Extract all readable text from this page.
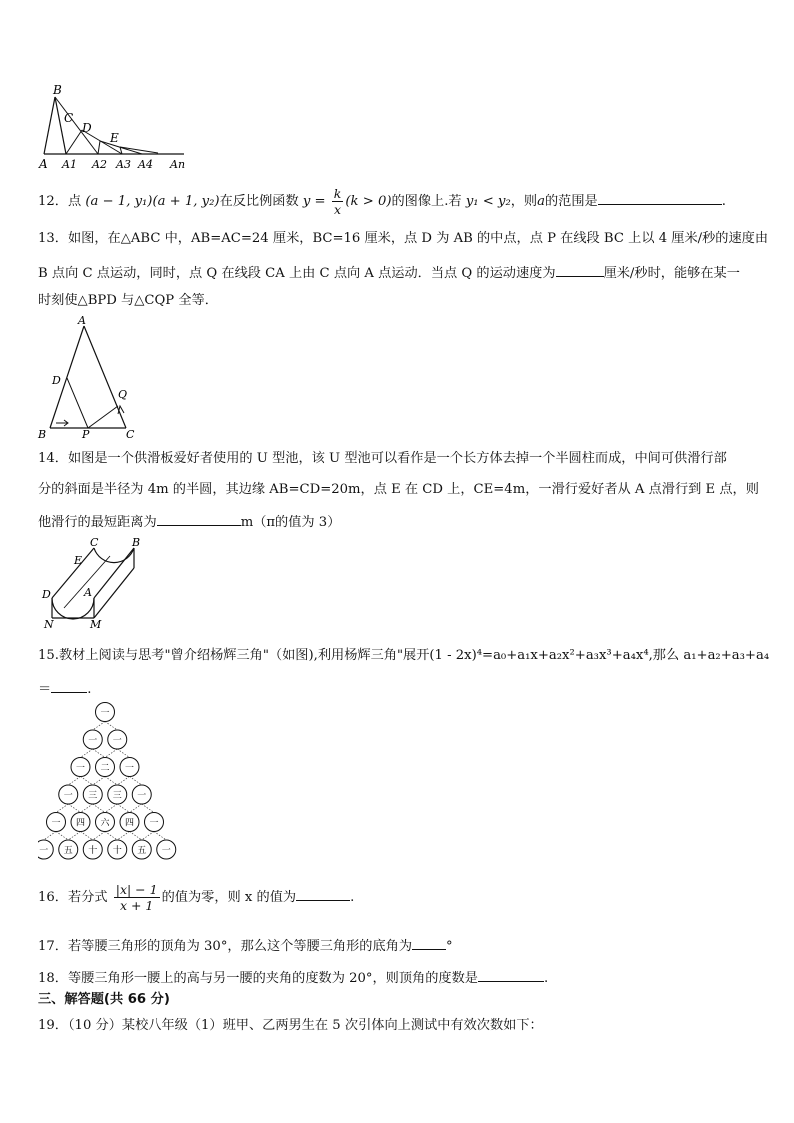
B
C
D
E
A A1 A2 A3 A4 An
12．点 (a − 1, y₁)(a + 1, y₂)在反比例函数 $y = \frac{k}{x} (k > 0)$的图像上.若 y₁ < y₂，则a的范围是	.
13．如图，在△ABC 中，AB=AC=24 厘米，BC=16 厘米，点 D 为 AB 的中点，点 P 在线段 BC 上以 4 厘米/秒的速度由
B 点向 C 点运动，同时，点 Q 在线段 CA 上由 C 点向 A 点运动．当点 Q 的运动速度为	厘米/秒时，能够在某一
时刻使△BPD 与△CQP 全等．
A
D
Q
B	P	C
14．如图是一个供滑板爱好者使用的 U 型池，该 U 型池可以看作是一个长方体去掉一个半圆柱而成，中间可供滑行部
分的斜面是半径为 4m 的半圆，其边缘 AB=CD=20m，点 E 在 CD 上，CE=4m，一滑行爱好者从 A 点滑行到 E 点，则
他滑行的最短距离为	m（π的值为 3）
C	B
E
A
D
N	M
15.教材上阅读与思考"曾介绍杨辉三角"（如图),利用杨辉三角"展开(1 - 2x)⁴=a₀+a₁x+a₂x²+a₃x³+a₄x⁴,那么 a₁+a₂+a₃+a₄
＝	.
一
一 一
一 二 一
一 三 三 一
一 四 六 四 一
一 五 十 十 五 一
16．若分式 $\frac{|x| - 1}{x + 1}$ 的值为零，则 x 的值为	.
17．若等腰三角形的顶角为 30°，那么这个等腰三角形的底角为	°
18．等腰三角形一腰上的高与另一腰的夹角的度数为 20°，则顶角的度数是	.
三、解答题(共 66 分)
19．（10 分）某校八年级（1）班甲、乙两男生在 5 次引体向上测试中有效次数如下：
